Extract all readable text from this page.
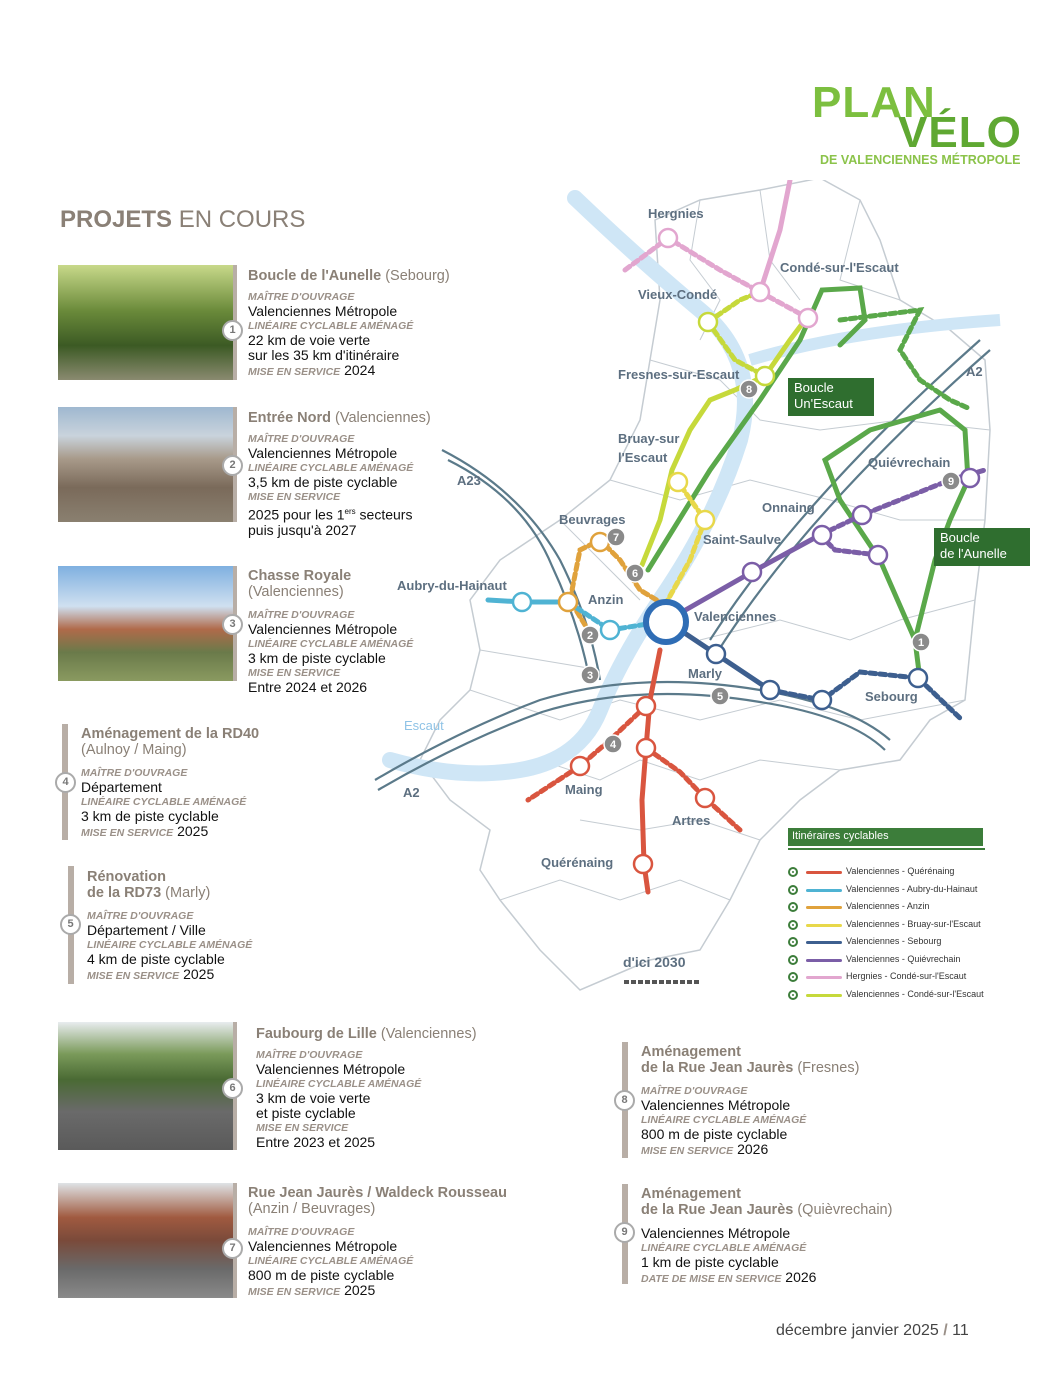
PLAN
VÉLO
DE VALENCIENNES MÉTROPOLE
PROJETS EN COURS
1
Boucle de l'Aunelle (Sebourg)
MAÎTRE D'OUVRAGE
Valenciennes Métropole
LINÉAIRE CYCLABLE AMÉNAGÉ
22 km de voie verte
sur les 35 km d'itinéraire
MISE EN SERVICE 2024
2
Entrée Nord (Valenciennes)
MAÎTRE D'OUVRAGE
Valenciennes Métropole
LINÉAIRE CYCLABLE AMÉNAGÉ
3,5 km de piste cyclable
MISE EN SERVICE
2025 pour les 1ers secteurs
puis jusqu'à 2027
3
Chasse Royale
(Valenciennes)
MAÎTRE D'OUVRAGE
Valenciennes Métropole
LINÉAIRE CYCLABLE AMÉNAGÉ
3 km de piste cyclable
MISE EN SERVICE
Entre 2024 et 2026
4
Aménagement de la RD40
(Aulnoy / Maing)
MAÎTRE D'OUVRAGE
Département
LINÉAIRE CYCLABLE AMÉNAGÉ
3 km de piste cyclable
MISE EN SERVICE 2025
5
Rénovation
de la RD73 (Marly)
MAÎTRE D'OUVRAGE
Département / Ville
LINÉAIRE CYCLABLE AMÉNAGÉ
4 km de piste cyclable
MISE EN SERVICE 2025
6
Faubourg de Lille (Valenciennes)
MAÎTRE D'OUVRAGE
Valenciennes Métropole
LINÉAIRE CYCLABLE AMÉNAGÉ
3 km de voie verte
et piste cyclable
MISE EN SERVICE
Entre 2023 et 2025
7
Rue Jean Jaurès / Waldeck Rousseau
(Anzin / Beuvrages)
MAÎTRE D'OUVRAGE
Valenciennes Métropole
LINÉAIRE CYCLABLE AMÉNAGÉ
800 m de piste cyclable
MISE EN SERVICE 2025
8
Aménagement
de la Rue Jean Jaurès (Fresnes)
MAÎTRE D'OUVRAGE
Valenciennes Métropole
LINÉAIRE CYCLABLE AMÉNAGÉ
800 m de piste cyclable
MISE EN SERVICE 2026
9
Aménagement
de la Rue Jean Jaurès (Quièvrechain)
Valenciennes Métropole
LINÉAIRE CYCLABLE AMÉNAGÉ
1 km de piste cyclable
DATE DE MISE EN SERVICE 2026
1
2
3
4
5
6
7
8
9
Boucle
Un'Escaut
Boucle
de l'Aunelle
Hergnies
Condé-sur-l'Escaut
Vieux-Condé
Fresnes-sur-Escaut
Bruay-sur
l'Escaut
A23
Beuvrages
Aubry-du-Hainaut
Anzin
Saint-Saulve
Onnaing
Quiévrechain
Valenciennes
Marly
Sebourg
Escaut
A2
A2	Maing
Artres
Quérénaing
d'ici 2030
Itinéraires cyclables
Valenciennes - Quérénaing
Valenciennes - Aubry-du-Hainaut
Valenciennes - Anzin
Valenciennes - Bruay-sur-l'Escaut
Valenciennes - Sebourg
Valenciennes - Quiévrechain
Hergnies - Condé-sur-l'Escaut
Valenciennes - Condé-sur-l'Escaut
décembre janvier 2025 / 11
